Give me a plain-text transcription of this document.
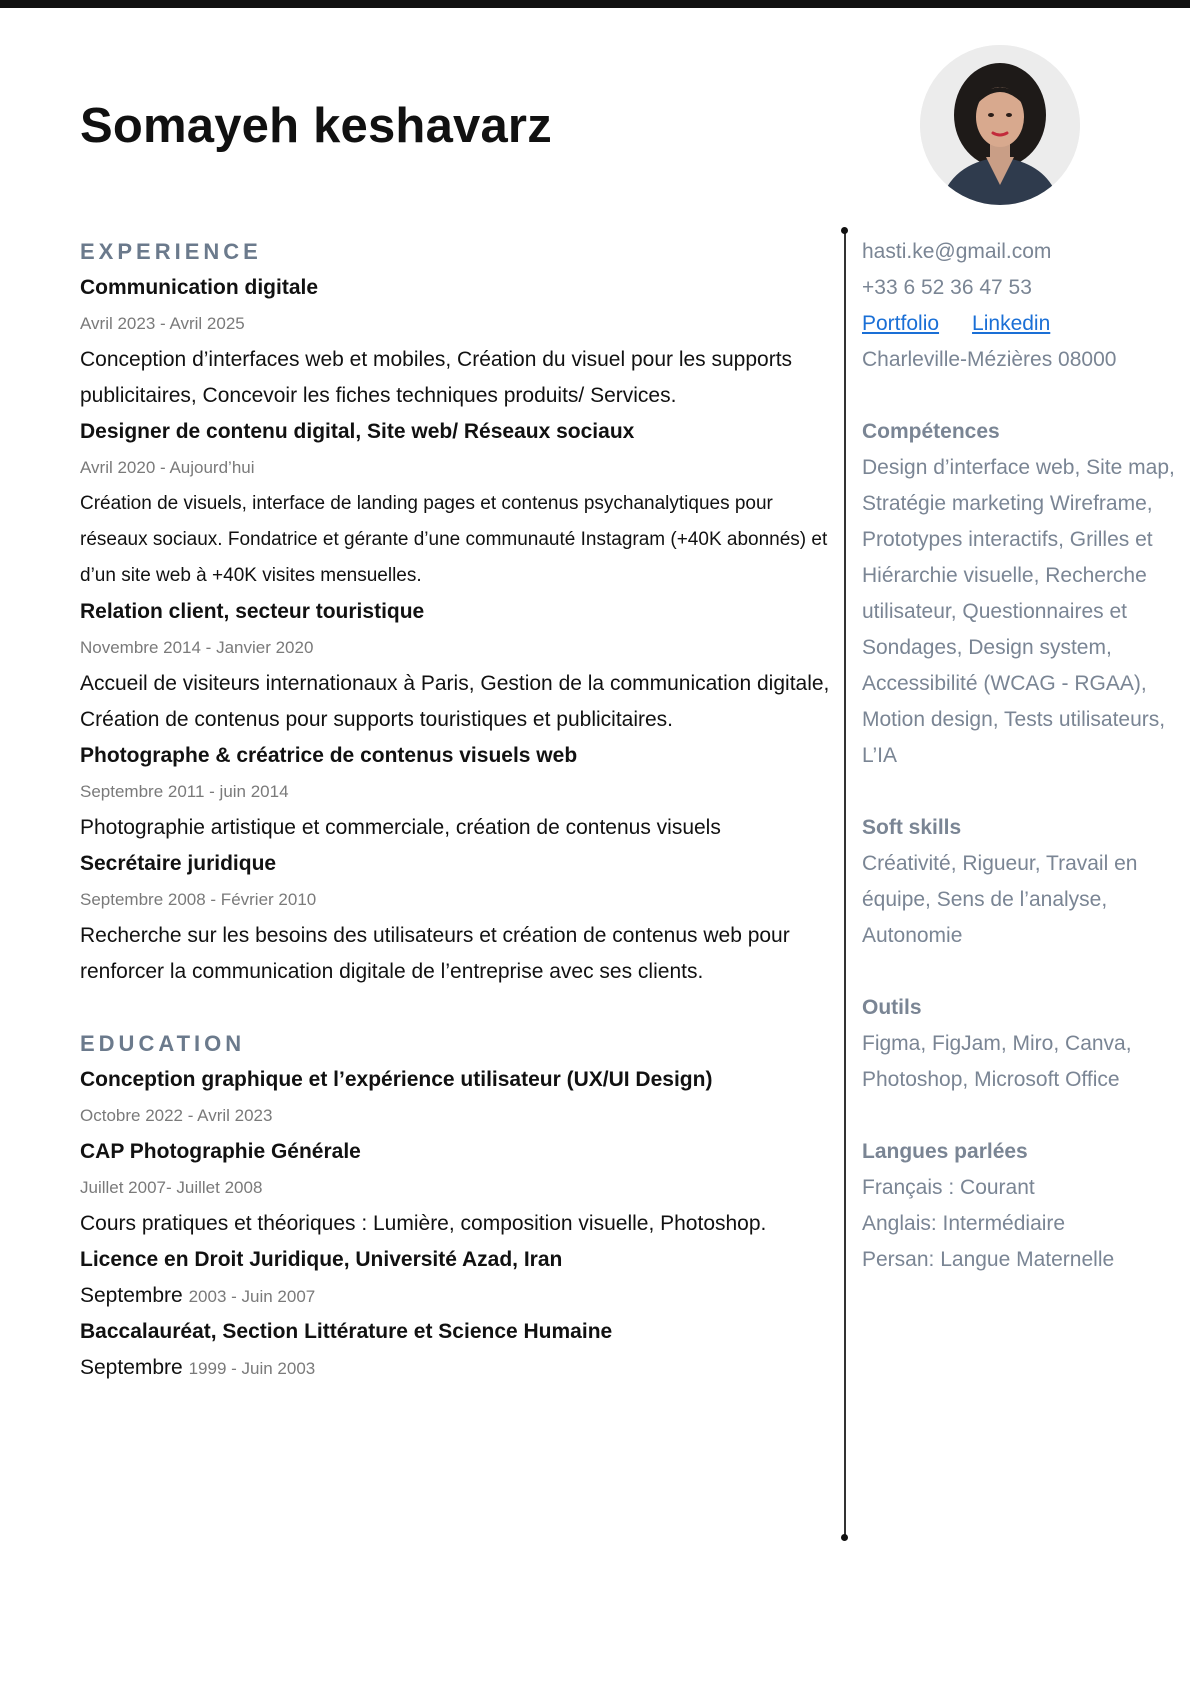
Somayeh keshavarz
EXPERIENCE

Communication digitale

Avril 2023 - Avril 2025

Conception d’interfaces web et mobiles, Création du visuel pour les supports publicitaires, Concevoir les fiches techniques produits/ Services.

Designer de contenu digital, Site web/ Réseaux sociaux

Avril 2020 - Aujourd’hui

Création de visuels, interface de landing pages et contenus psychanalytiques pour réseaux sociaux. Fondatrice et gérante d’une communauté Instagram (+40K abonnés) et d’un site web à +40K visites mensuelles.

Relation client, secteur touristique

Novembre 2014 - Janvier 2020

Accueil de visiteurs internationaux à Paris, Gestion de la communication digitale, Création de contenus pour supports touristiques et publicitaires.

Photographe & créatrice de contenus visuels web

Septembre 2011 - juin 2014

Photographie artistique et commerciale, création de contenus visuels

Secrétaire juridique

Septembre 2008 - Février 2010

Recherche sur les besoins des utilisateurs et création de contenus web pour renforcer la communication digitale de l’entreprise avec ses clients.

EDUCATION

Conception graphique et l’expérience utilisateur (UX/UI Design)

Octobre 2022 - Avril 2023

CAP Photographie Générale

Juillet 2007- Juillet 2008

Cours pratiques et théoriques : Lumière, composition visuelle, Photoshop.

Licence en Droit Juridique, Université Azad, Iran

Septembre 2003 - Juin 2007

Baccalauréat, Section Littérature et Science Humaine

Septembre 1999 - Juin 2003

hasti.ke@gmail.com

+33 6 52 36 47 53

Portfolio Linkedin

Charleville-Mézières 08000

Compétences

Design d’interface web, Site map, Stratégie marketing Wireframe, Prototypes interactifs, Grilles et Hiérarchie visuelle, Recherche utilisateur, Questionnaires et Sondages, Design system, Accessibilité (WCAG - RGAA), Motion design, Tests utilisateurs, L’IA

Soft skills

Créativité, Rigueur, Travail en équipe, Sens de l’analyse, Autonomie

Outils

Figma, FigJam, Miro, Canva, Photoshop, Microsoft Office

Langues parlées

Français : Courant

Anglais: Intermédiaire

Persan: Langue Maternelle
